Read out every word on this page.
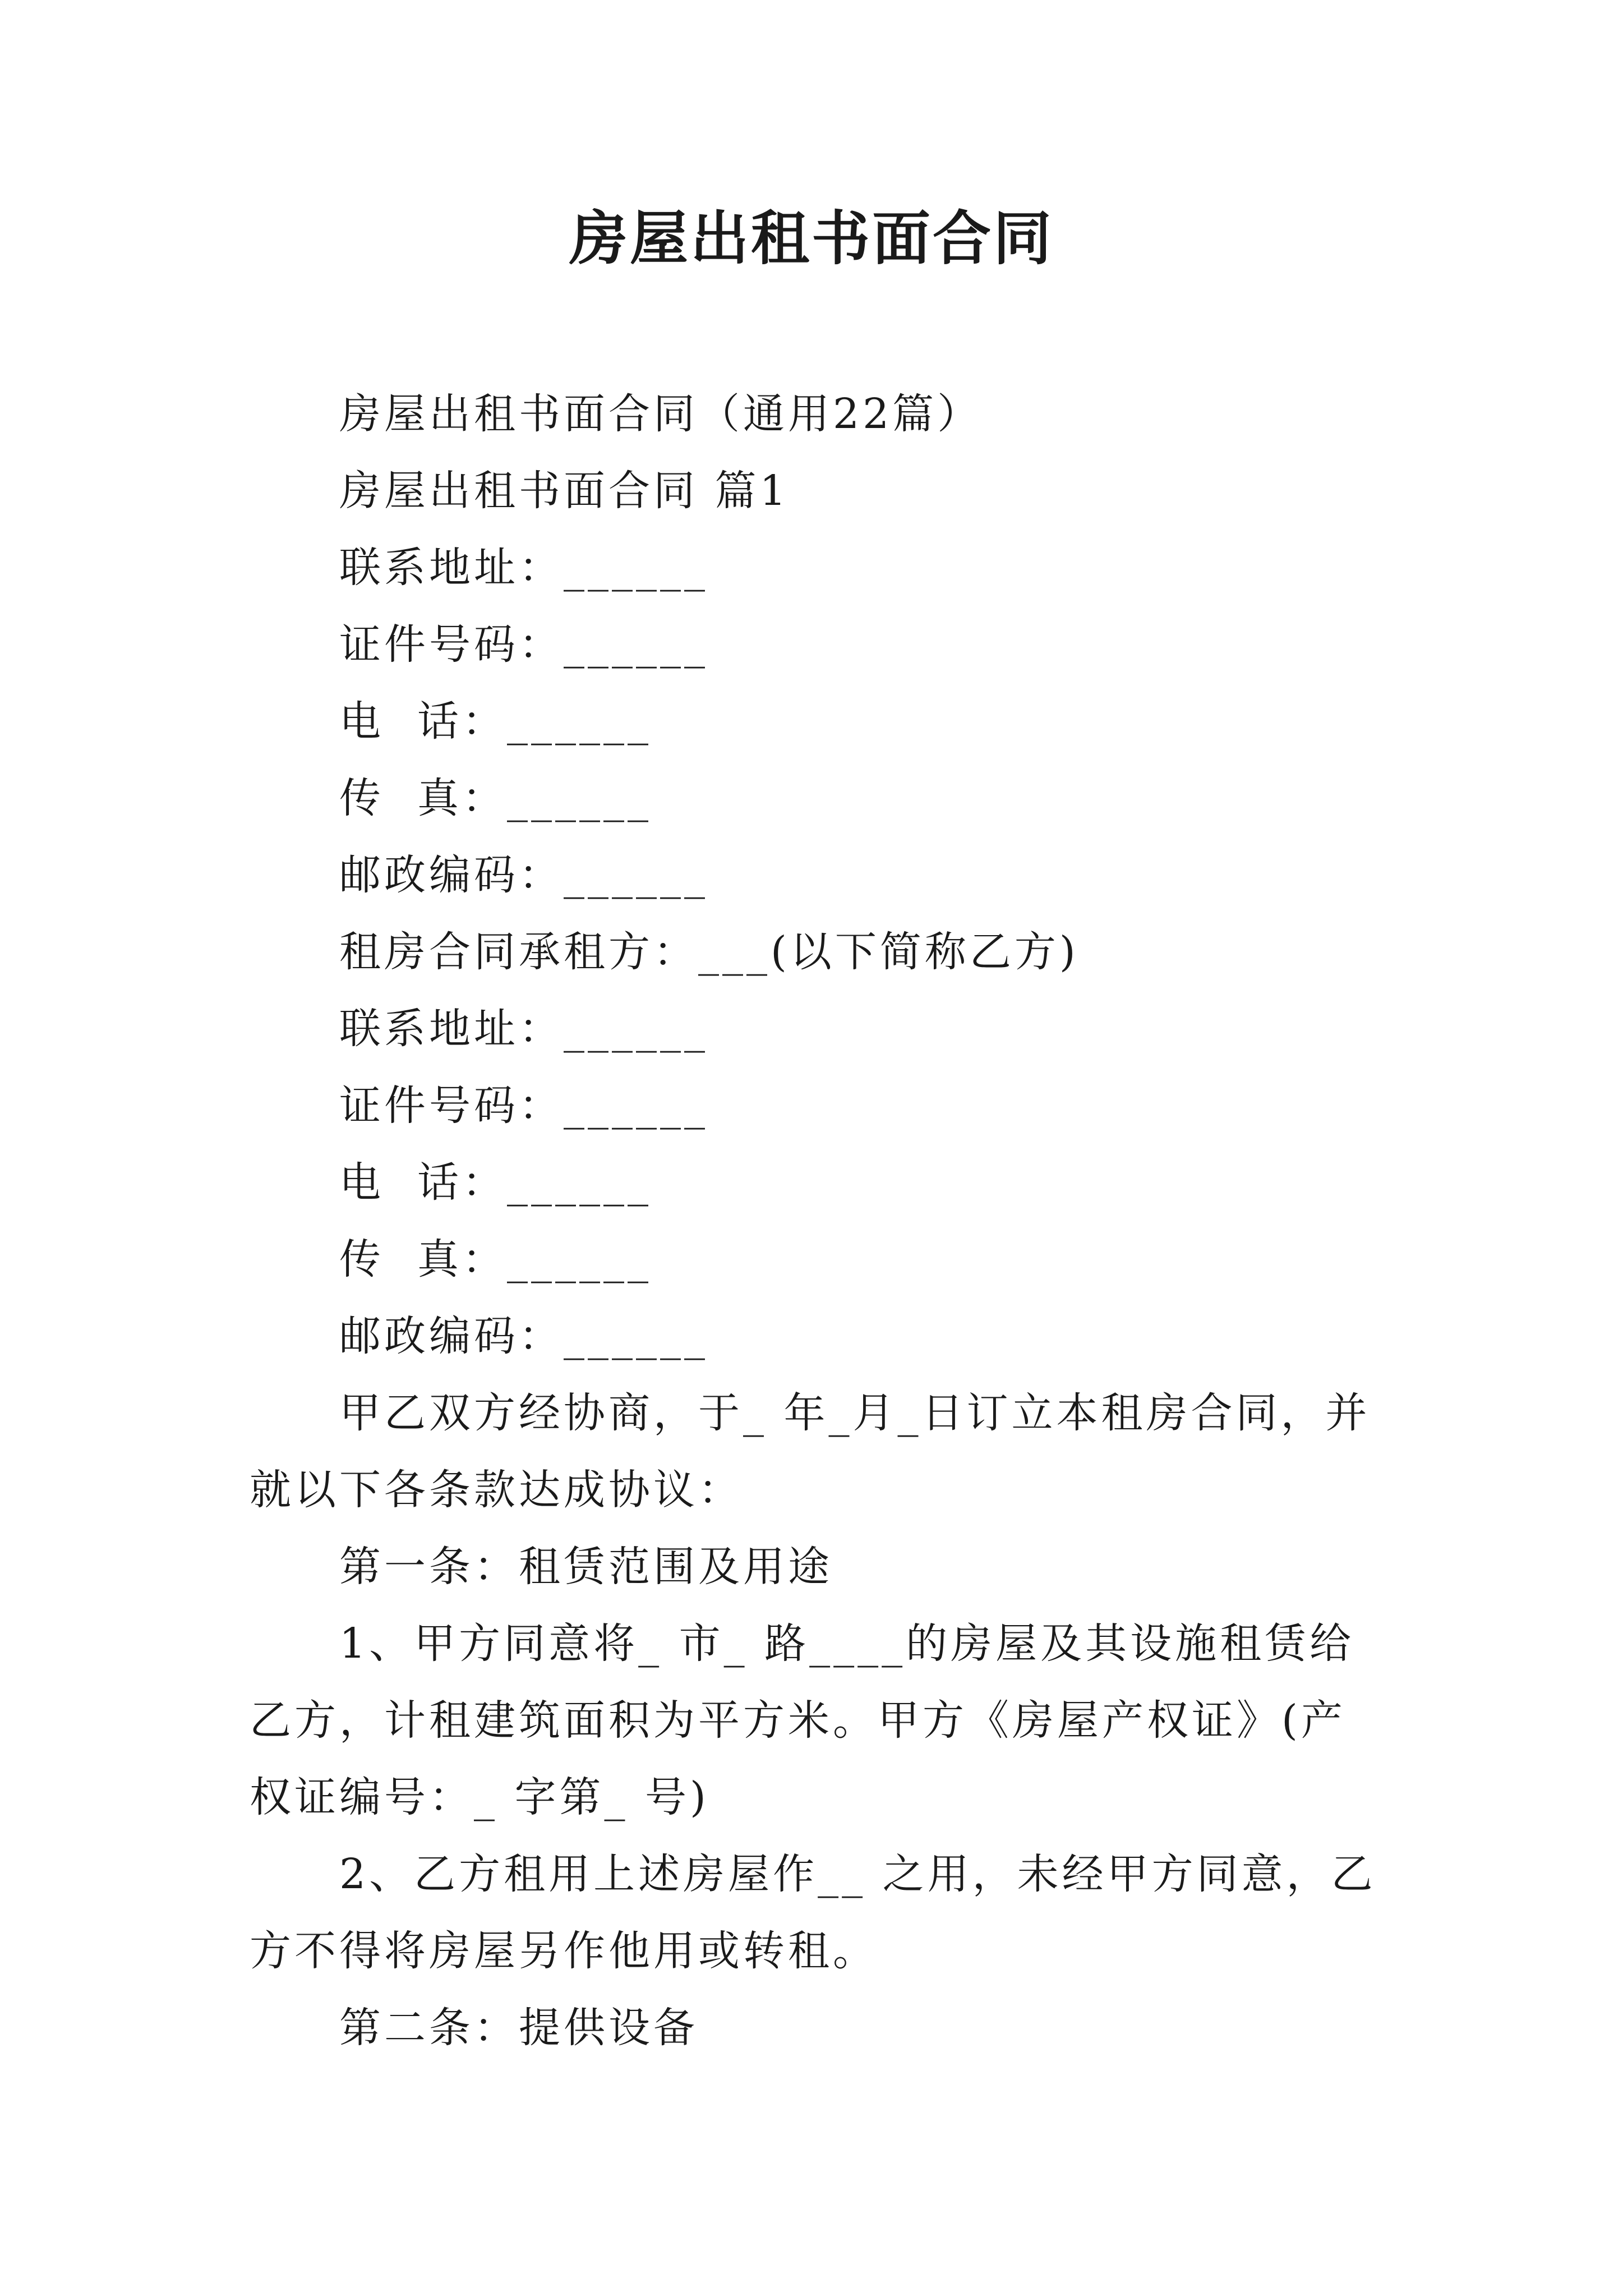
房屋出租书面合同

房屋出租书面合同（通用22篇）

房屋出租书面合同 篇1

联系地址：______

证件号码：______

电  话：______

传  真：______

邮政编码：______

租房合同承租方：___(以下简称乙方)

联系地址：______

证件号码：______

电  话：______

传  真：______

邮政编码：______

甲乙双方经协商，于_ 年_月_日订立本租房合同，并就以下各条款达成协议：

第一条：租赁范围及用途

1、甲方同意将_ 市_ 路____的房屋及其设施租赁给乙方，计租建筑面积为平方米。甲方《房屋产权证》(产权证编号：_ 字第_ 号)

2、乙方租用上述房屋作__ 之用，未经甲方同意，乙方不得将房屋另作他用或转租。

第二条：提供设备
